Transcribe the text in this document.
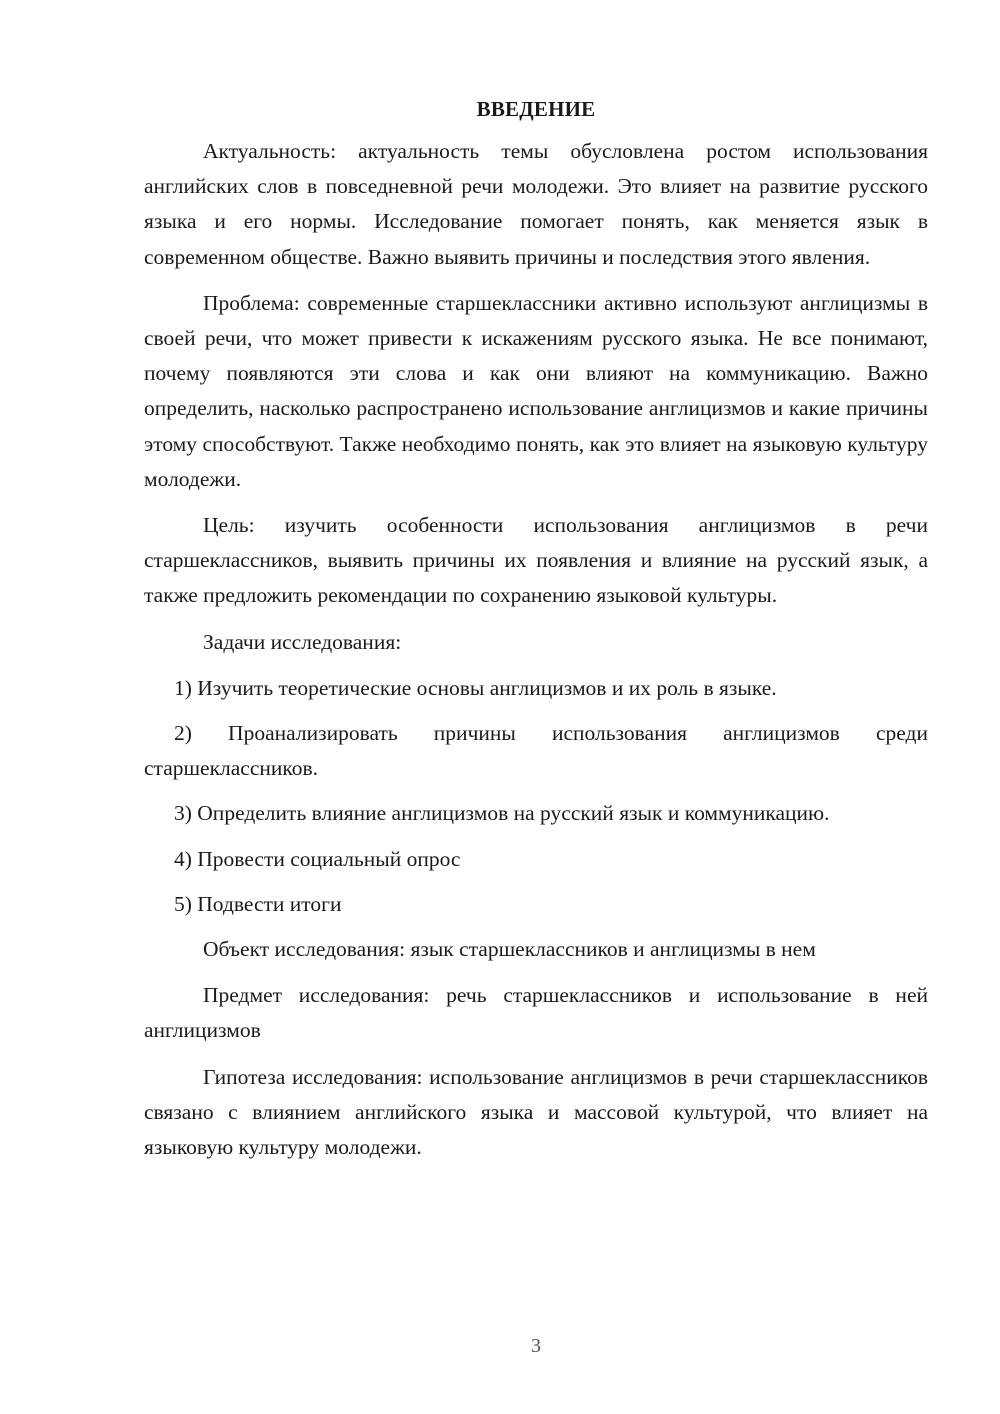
ВВЕДЕНИЕ

Актуальность: актуальность темы обусловлена ростом использования английских слов в повседневной речи молодежи. Это влияет на развитие русского языка и его нормы. Исследование помогает понять, как меняется язык в современном обществе. Важно выявить причины и последствия этого явления.

Проблема: современные старшеклассники активно используют англицизмы в своей речи, что может привести к искажениям русского языка. Не все понимают, почему появляются эти слова и как они влияют на коммуникацию. Важно определить, насколько распространено использование англицизмов и какие причины этому способствуют. Также необходимо понять, как это влияет на языковую культуру молодежи.

Цель: изучить особенности использования англицизмов в речи старшеклассников, выявить причины их появления и влияние на русский язык, а также предложить рекомендации по сохранению языковой культуры.

Задачи исследования:

1) Изучить теоретические основы англицизмов и их роль в языке.

2) Проанализировать причины использования англицизмов среди старшеклассников.

3) Определить влияние англицизмов на русский язык и коммуникацию.

4) Провести социальный опрос

5) Подвести итоги

Объект исследования: язык старшеклассников и англицизмы в нем

Предмет исследования: речь старшеклассников и использование в ней англицизмов

Гипотеза исследования: использование англицизмов в речи старшеклассников связано с влиянием английского языка и массовой культурой, что влияет на языковую культуру молодежи.

3
